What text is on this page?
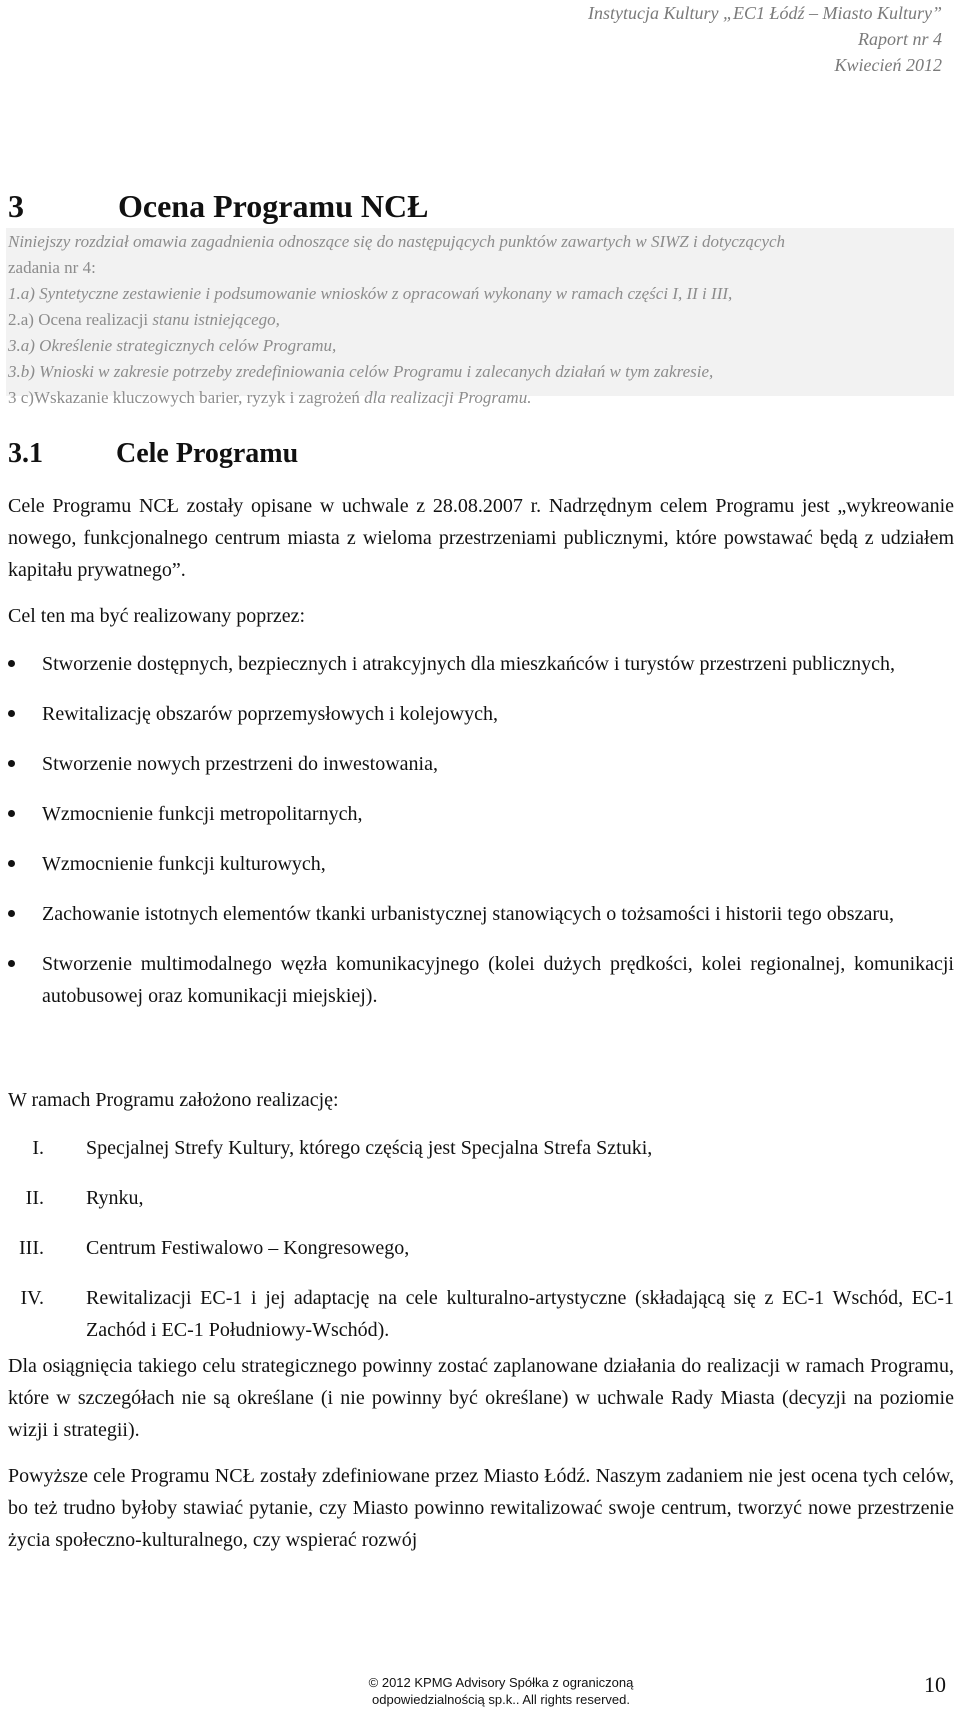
Instytucja Kultury „EC1 Łódź – Miasto Kultury”
Raport nr 4
Kwiecień 2012
3	Ocena Programu NCŁ
Niniejszy rozdział omawia zagadnienia odnoszące się do następujących punktów zawartych w SIWZ i dotyczących
zadania nr 4:
1.a) Syntetyczne zestawienie i podsumowanie wniosków z opracowań wykonany w ramach części I, II i III,
2.a) Ocena realizacji stanu istniejącego,
3.a) Określenie strategicznych celów Programu,
3.b) Wnioski w zakresie potrzeby zredefiniowania celów Programu i zalecanych działań w tym zakresie,
3 c)Wskazanie kluczowych barier, ryzyk i zagrożeń dla realizacji Programu.
3.1	Cele Programu

Cele Programu NCŁ zostały opisane w uchwale z 28.08.2007 r. Nadrzędnym celem Programu jest „wykreowanie nowego, funkcjonalnego centrum miasta z wieloma przestrzeniami publicznymi, które powstawać będą z udziałem kapitału prywatnego”.

Cel ten ma być realizowany poprzez:

Stworzenie dostępnych, bezpiecznych i atrakcyjnych dla mieszkańców i turystów przestrzeni publicznych,
Rewitalizację obszarów poprzemysłowych i kolejowych,
Stworzenie nowych przestrzeni do inwestowania,
Wzmocnienie funkcji metropolitarnych,
Wzmocnienie funkcji kulturowych,
Zachowanie istotnych elementów tkanki urbanistycznej stanowiących o tożsamości i historii tego obszaru,
Stworzenie multimodalnego węzła komunikacyjnego (kolei dużych prędkości, kolei regionalnej, komunikacji autobusowej oraz komunikacji miejskiej).

W ramach Programu założono realizację:

I. Specjalnej Strefy Kultury, którego częścią jest Specjalna Strefa Sztuki,
II. Rynku,
III. Centrum Festiwalowo – Kongresowego,
IV. Rewitalizacji EC-1 i jej adaptację na cele kulturalno-artystyczne (składającą się z EC-1 Wschód, EC-1 Zachód i EC-1 Południowy-Wschód).

Dla osiągnięcia takiego celu strategicznego powinny zostać zaplanowane działania do realizacji w ramach Programu, które w szczegółach nie są określane (i nie powinny być określane) w uchwale Rady Miasta (decyzji na poziomie wizji i strategii).

Powyższe cele Programu NCŁ zostały zdefiniowane przez Miasto Łódź. Naszym zadaniem nie jest ocena tych celów, bo też trudno byłoby stawiać pytanie, czy Miasto powinno rewitalizować swoje centrum, tworzyć nowe przestrzenie życia społeczno-kulturalnego, czy wspierać rozwój

© 2012 KPMG Advisory Spółka z ograniczoną
odpowiedzialnością sp.k.. All rights reserved.
10
